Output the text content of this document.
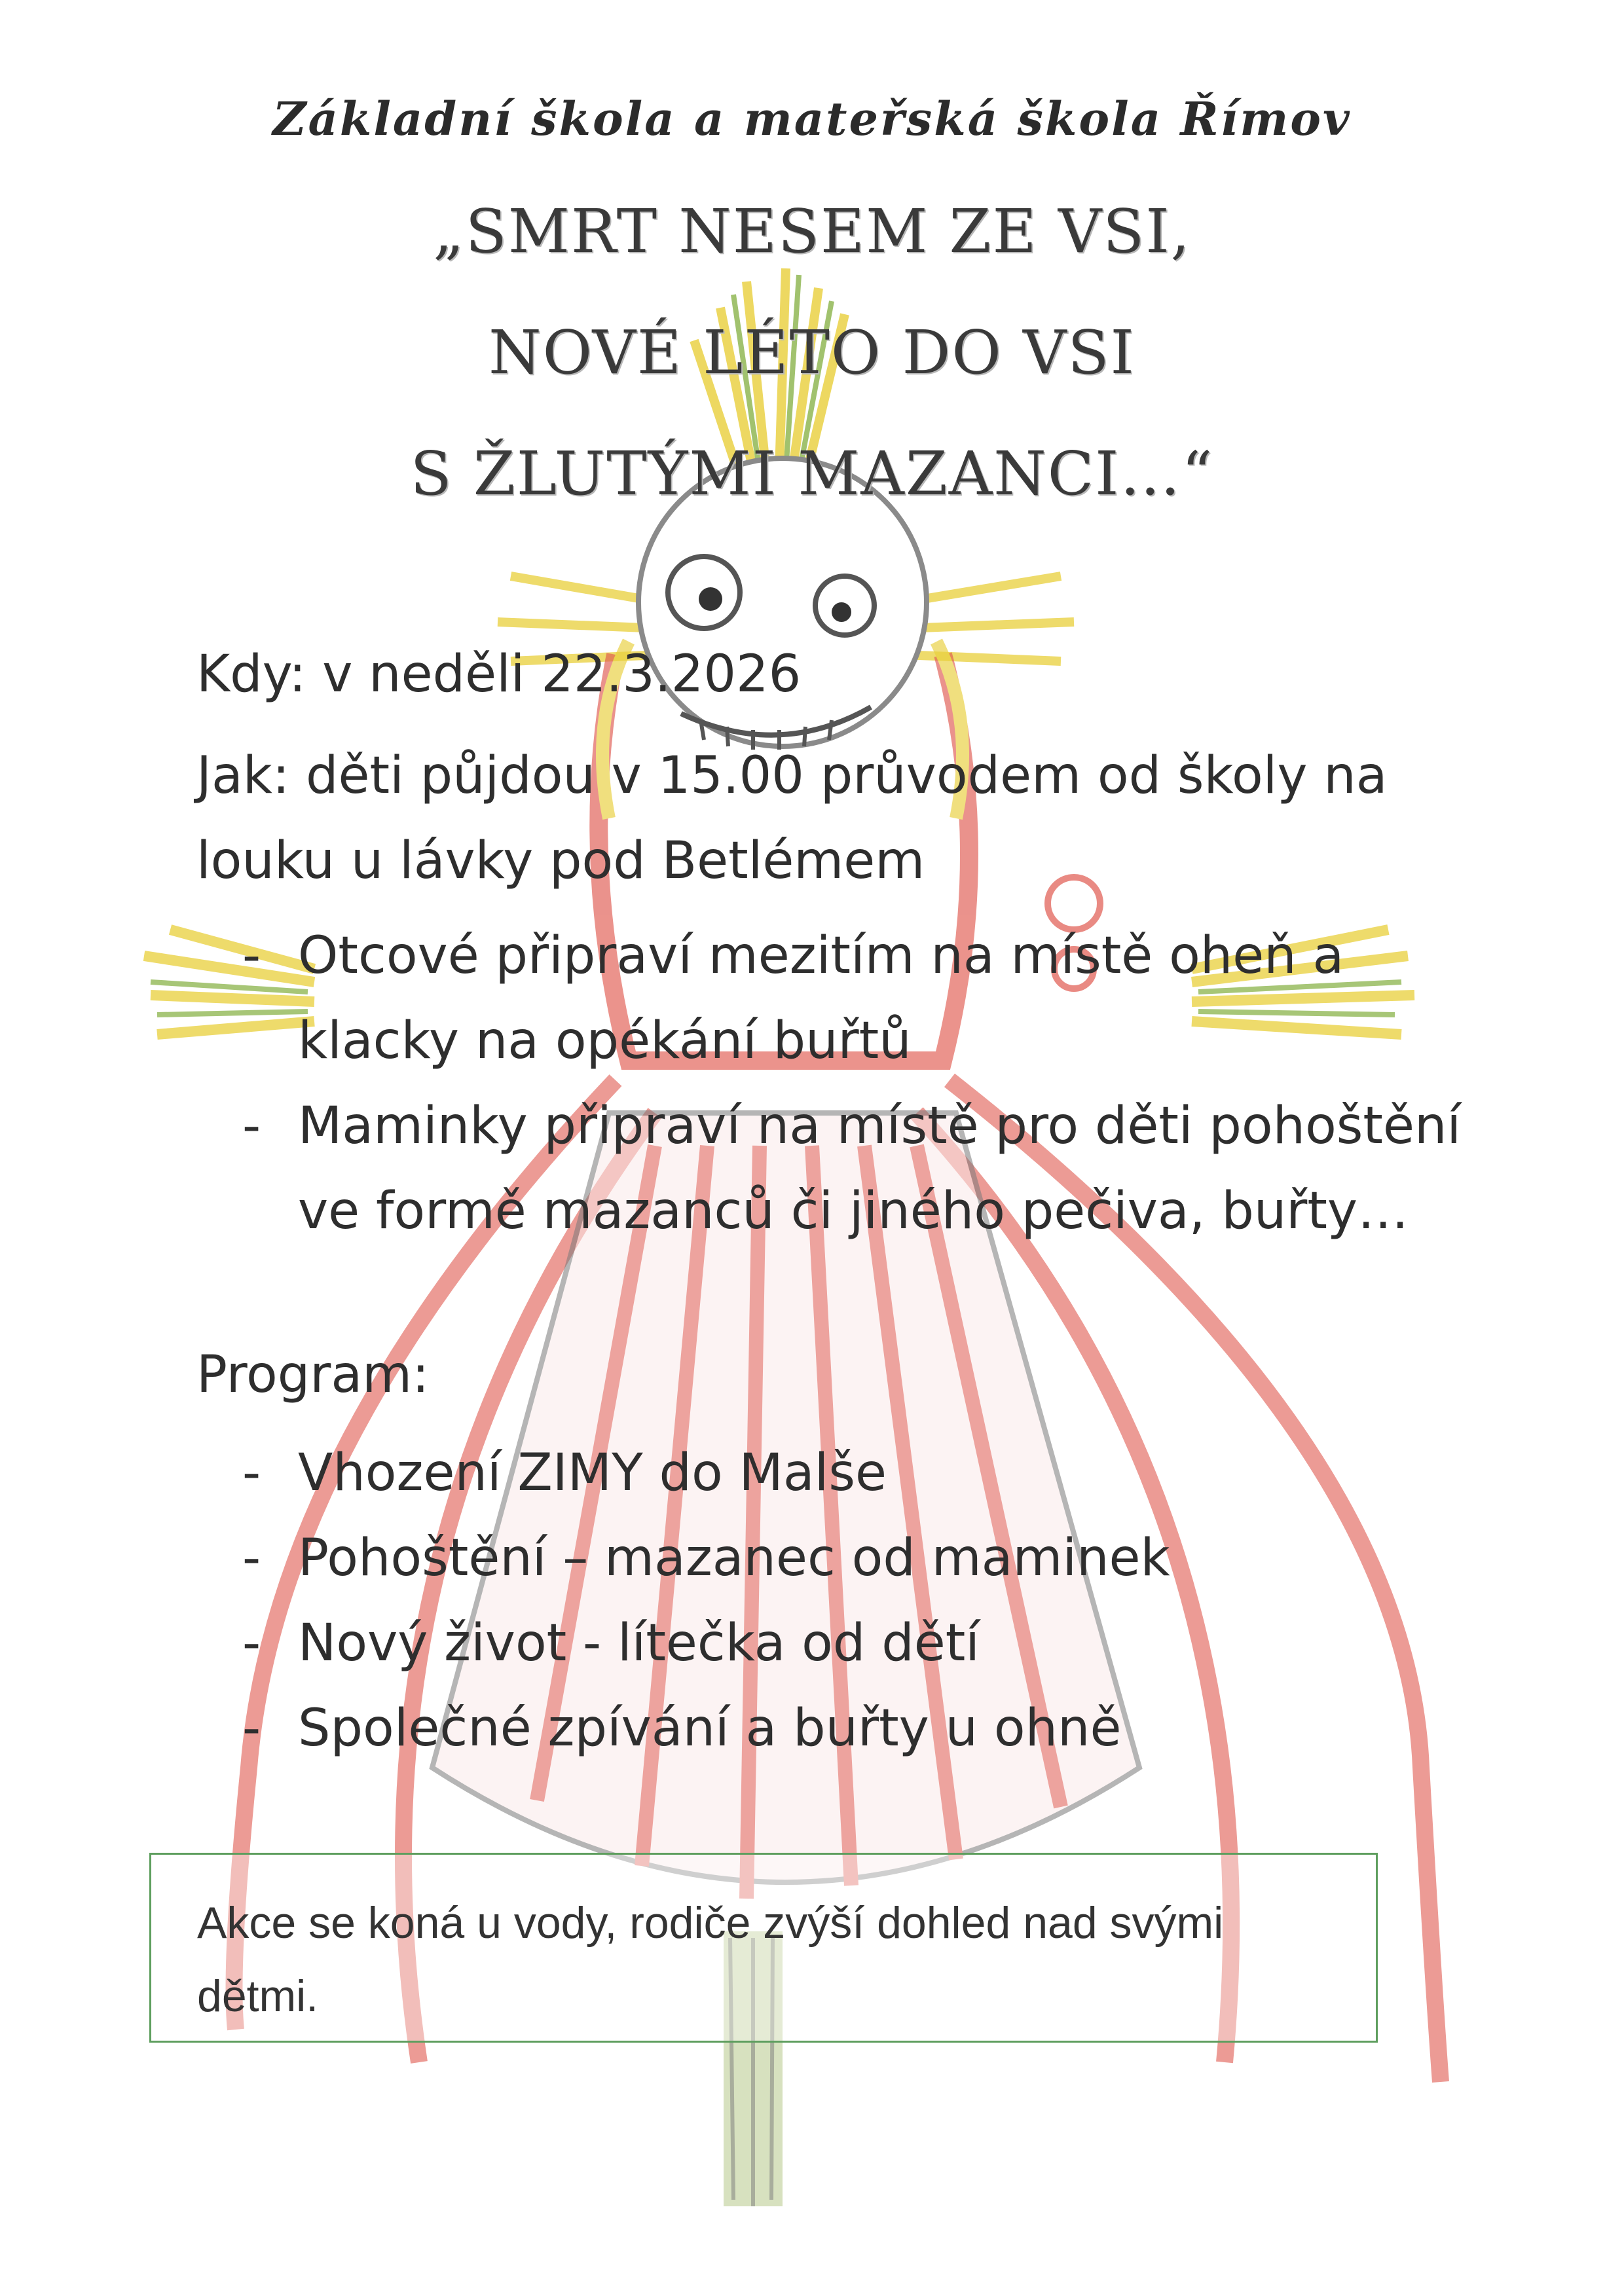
Základní škola a mateřská škola Římov
„SMRT NESEM ZE VSI,
NOVÉ LÉTO DO VSI
S ŽLUTÝMI MAZANCI…“
Kdy: v neděli 22.3.2026
Jak: děti půjdou v 15.00 průvodem od školy na louku u lávky pod Betlémem
- Otcové připraví mezitím na místě oheň a klacky na opékání buřtů
- Maminky připraví na místě pro děti pohoštění ve formě mazanců či jiného pečiva, buřty…
Program:
- Vhození ZIMY do Malše
- Pohoštění – mazanec od maminek
- Nový život - lítečka od dětí
- Společné zpívání a buřty u ohně
Akce se koná u vody, rodiče zvýší dohled nad svými dětmi.
